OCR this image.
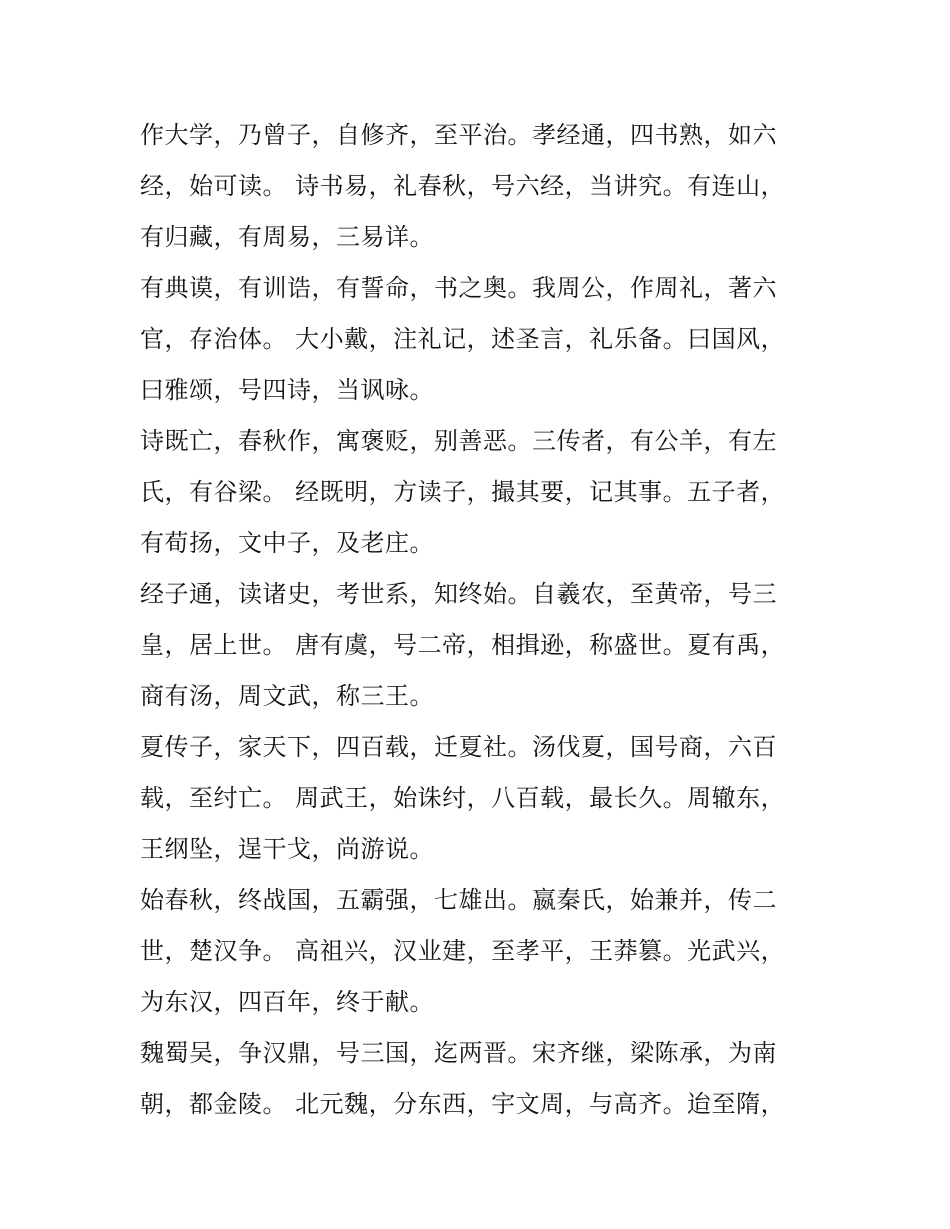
作大学，乃曾子，自修齐，至平治。孝经通，四书熟，如六
经，始可读。 诗书易，礼春秋，号六经，当讲究。有连山，
有归藏，有周易，三易详。
有典谟，有训诰，有誓命，书之奥。我周公，作周礼，著六
官，存治体。 大小戴，注礼记，述圣言，礼乐备。曰国风，
曰雅颂，号四诗，当讽咏。
诗既亡，春秋作，寓褒贬，别善恶。三传者，有公羊，有左
氏，有谷梁。 经既明，方读子，撮其要，记其事。五子者，
有荀扬，文中子，及老庄。
经子通，读诸史，考世系，知终始。自羲农，至黄帝，号三
皇，居上世。 唐有虞，号二帝，相揖逊，称盛世。夏有禹，
商有汤，周文武，称三王。
夏传子，家天下，四百载，迁夏社。汤伐夏，国号商，六百
载，至纣亡。 周武王，始诛纣，八百载，最长久。周辙东，
王纲坠，逞干戈，尚游说。
始春秋，终战国，五霸强，七雄出。嬴秦氏，始兼并，传二
世，楚汉争。 高祖兴，汉业建，至孝平，王莽篡。光武兴，
为东汉，四百年，终于献。
魏蜀吴，争汉鼎，号三国，迄两晋。宋齐继，梁陈承，为南
朝，都金陵。 北元魏，分东西，宇文周，与高齐。迨至隋，
